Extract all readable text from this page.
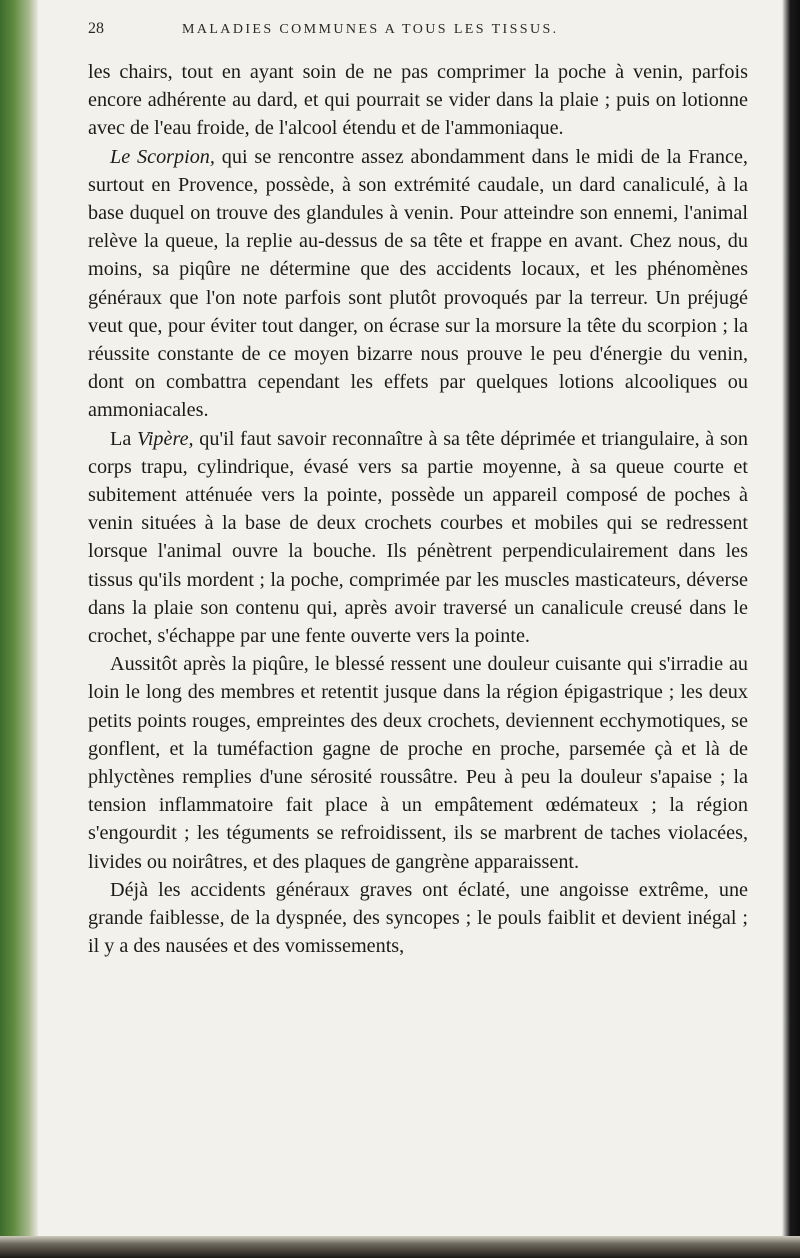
28	MALADIES COMMUNES A TOUS LES TISSUS.

les chairs, tout en ayant soin de ne pas comprimer la poche à venin, parfois encore adhérente au dard, et qui pourrait se vider dans la plaie ; puis on lotionne avec de l'eau froide, de l'alcool étendu et de l'ammoniaque.

Le Scorpion, qui se rencontre assez abondamment dans le midi de la France, surtout en Provence, possède, à son extrémité caudale, un dard canaliculé, à la base duquel on trouve des glandules à venin. Pour atteindre son ennemi, l'animal relève la queue, la replie au-dessus de sa tête et frappe en avant. Chez nous, du moins, sa piqûre ne détermine que des accidents locaux, et les phénomènes généraux que l'on note parfois sont plutôt provoqués par la terreur. Un préjugé veut que, pour éviter tout danger, on écrase sur la morsure la tête du scorpion ; la réussite constante de ce moyen bizarre nous prouve le peu d'énergie du venin, dont on combattra cependant les effets par quelques lotions alcooliques ou ammoniacales.

La Vipère, qu'il faut savoir reconnaître à sa tête déprimée et triangulaire, à son corps trapu, cylindrique, évasé vers sa partie moyenne, à sa queue courte et subitement atténuée vers la pointe, possède un appareil composé de poches à venin situées à la base de deux crochets courbes et mobiles qui se redressent lorsque l'animal ouvre la bouche. Ils pénètrent perpendiculairement dans les tissus qu'ils mordent ; la poche, comprimée par les muscles masticateurs, déverse dans la plaie son contenu qui, après avoir traversé un canalicule creusé dans le crochet, s'échappe par une fente ouverte vers la pointe.

Aussitôt après la piqûre, le blessé ressent une douleur cuisante qui s'irradie au loin le long des membres et retentit jusque dans la région épigastrique ; les deux petits points rouges, empreintes des deux crochets, deviennent ecchymotiques, se gonflent, et la tuméfaction gagne de proche en proche, parsemée çà et là de phlyctènes remplies d'une sérosité roussâtre. Peu à peu la douleur s'apaise ; la tension inflammatoire fait place à un empâtement œdémateux ; la région s'engourdit ; les téguments se refroidissent, ils se marbrent de taches violacées, livides ou noirâtres, et des plaques de gangrène apparaissent.

Déjà les accidents généraux graves ont éclaté, une angoisse extrême, une grande faiblesse, de la dyspnée, des syncopes ; le pouls faiblit et devient inégal ; il y a des nausées et des vomissements,
